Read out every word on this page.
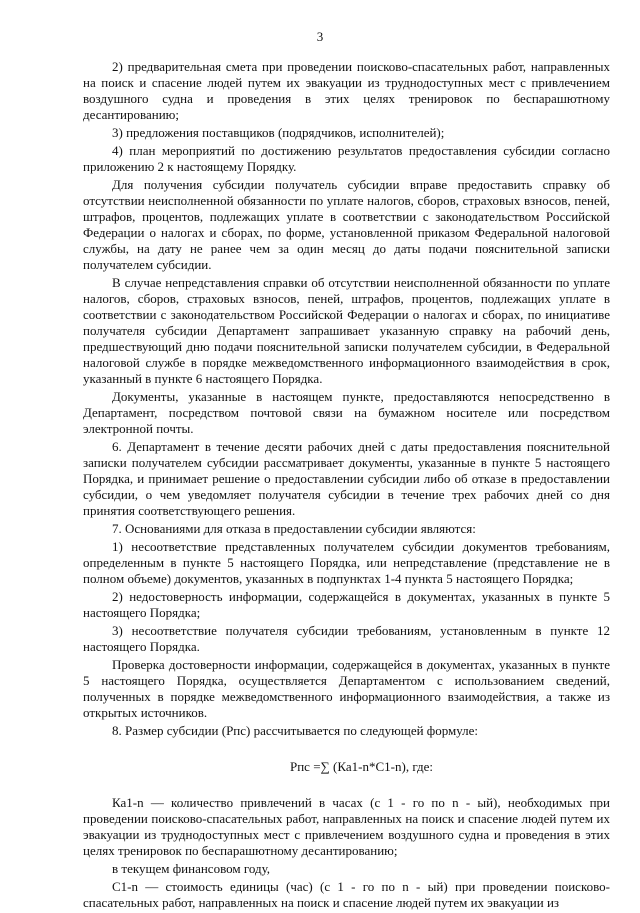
3

2) предварительная смета при проведении поисково-спасательных работ, направленных на поиск и спасение людей путем их эвакуации из труднодоступных мест с привлечением воздушного судна и проведения в этих целях тренировок по беспарашютному десантированию;

3) предложения поставщиков (подрядчиков, исполнителей);

4) план мероприятий по достижению результатов предоставления субсидии согласно приложению 2 к настоящему Порядку.

Для получения субсидии получатель субсидии вправе предоставить справку об отсутствии неисполненной обязанности по уплате налогов, сборов, страховых взносов, пеней, штрафов, процентов, подлежащих уплате в соответствии с законодательством Российской Федерации о налогах и сборах, по форме, установленной приказом Федеральной налоговой службы, на дату не ранее чем за один месяц до даты подачи пояснительной записки получателем субсидии.

В случае непредставления справки об отсутствии неисполненной обязанности по уплате налогов, сборов, страховых взносов, пеней, штрафов, процентов, подлежащих уплате в соответствии с законодательством Российской Федерации о налогах и сборах, по инициативе получателя субсидии Департамент запрашивает указанную справку на рабочий день, предшествующий дню подачи пояснительной записки получателем субсидии, в Федеральной налоговой службе в порядке межведомственного информационного взаимодействия в срок, указанный в пункте 6 настоящего Порядка.

Документы, указанные в настоящем пункте, предоставляются непосредственно в Департамент, посредством почтовой связи на бумажном носителе или посредством электронной почты.

6. Департамент в течение десяти рабочих дней с даты предоставления пояснительной записки получателем субсидии рассматривает документы, указанные в пункте 5 настоящего Порядка, и принимает решение о предоставлении субсидии либо об отказе в предоставлении субсидии, о чем уведомляет получателя субсидии в течение трех рабочих дней со дня принятия соответствующего решения.

7. Основаниями для отказа в предоставлении субсидии являются:

1) несоответствие представленных получателем субсидии документов требованиям, определенным в пункте 5 настоящего Порядка, или непредставление (представление не в полном объеме) документов, указанных в подпунктах 1-4 пункта 5 настоящего Порядка;

2) недостоверность информации, содержащейся в документах, указанных в пункте 5 настоящего Порядка;

3) несоответствие получателя субсидии требованиям, установленным в пункте 12 настоящего Порядка.

Проверка достоверности информации, содержащейся в документах, указанных в пункте 5 настоящего Порядка, осуществляется Департаментом с использованием сведений, полученных в порядке межведомственного информационного взаимодействия, а также из открытых источников.

8. Размер субсидии (Рпс) рассчитывается по следующей формуле:

Рпс =∑ (Ка1-n*С1-n), где:

Ка1-n — количество привлечений в часах (с 1 - го по n - ый), необходимых при проведении поисково-спасательных работ, направленных на поиск и спасение людей путем их эвакуации из труднодоступных мест с привлечением воздушного судна и проведения в этих целях тренировок по беспарашютному десантированию;

в текущем финансовом году,

С1-n — стоимость единицы (час) (с 1 - го по n - ый) при проведении поисково-спасательных работ, направленных на поиск и спасение людей путем их эвакуации из
